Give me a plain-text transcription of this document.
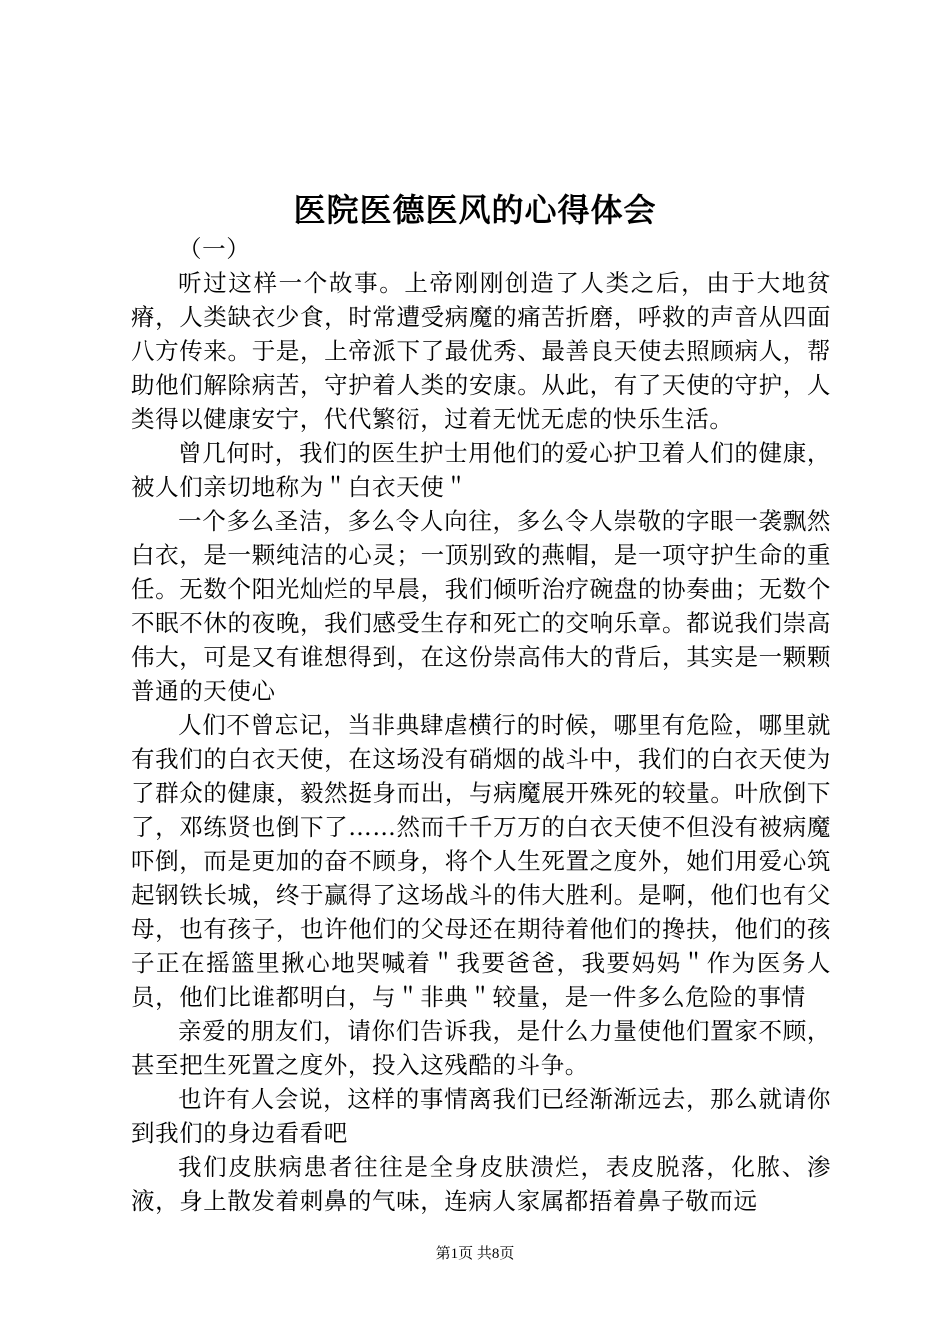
医院医德医风的心得体会

（一）

听过这样一个故事。上帝刚刚创造了人类之后，由于大地贫瘠，人类缺衣少食，时常遭受病魔的痛苦折磨，呼救的声音从四面八方传来。于是，上帝派下了最优秀、最善良天使去照顾病人，帮助他们解除病苦，守护着人类的安康。从此，有了天使的守护，人类得以健康安宁，代代繁衍，过着无忧无虑的快乐生活。

曾几何时，我们的医生护士用他们的爱心护卫着人们的健康，被人们亲切地称为＂白衣天使＂

一个多么圣洁，多么令人向往，多么令人崇敬的字眼一袭飘然白衣，是一颗纯洁的心灵；一顶别致的燕帽，是一项守护生命的重任。无数个阳光灿烂的早晨，我们倾听治疗碗盘的协奏曲；无数个不眠不休的夜晚，我们感受生存和死亡的交响乐章。都说我们崇高伟大，可是又有谁想得到，在这份崇高伟大的背后，其实是一颗颗普通的天使心

人们不曾忘记，当非典肆虐横行的时候，哪里有危险，哪里就有我们的白衣天使，在这场没有硝烟的战斗中，我们的白衣天使为了群众的健康，毅然挺身而出，与病魔展开殊死的较量。叶欣倒下了，邓练贤也倒下了……然而千千万万的白衣天使不但没有被病魔吓倒，而是更加的奋不顾身，将个人生死置之度外，她们用爱心筑起钢铁长城，终于赢得了这场战斗的伟大胜利。是啊，他们也有父母，也有孩子，也许他们的父母还在期待着他们的搀扶，他们的孩子正在摇篮里揪心地哭喊着＂我要爸爸，我要妈妈＂作为医务人员，他们比谁都明白，与＂非典＂较量，是一件多么危险的事情

亲爱的朋友们，请你们告诉我，是什么力量使他们置家不顾，甚至把生死置之度外，投入这残酷的斗争。

也许有人会说，这样的事情离我们已经渐渐远去，那么就请你到我们的身边看看吧

我们皮肤病患者往往是全身皮肤溃烂，表皮脱落，化脓、渗液，身上散发着刺鼻的气味，连病人家属都捂着鼻子敬而远

第1页 共8页
